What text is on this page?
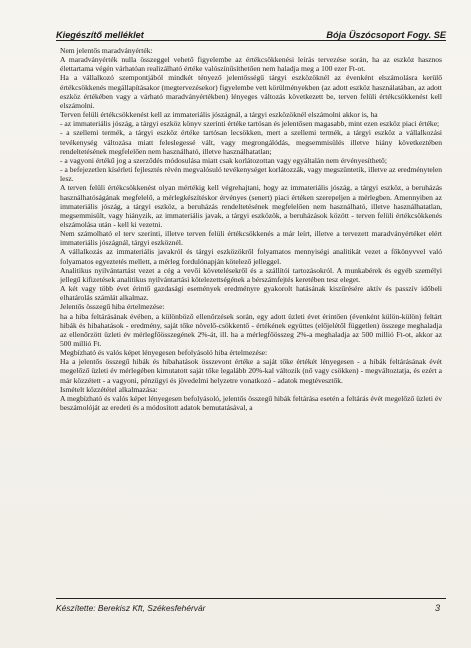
Kiegészítő melléklet	Bója Üszócsoport Fogy. SE

Nem jelentős maradványérték:

A maradványérték nulla összeggel vehető figyelembe az értékcsökkenési leírás tervezése során, ha az eszköz hasznos élettartama végén várhatóan realizálható értéke valószínűsíthetően nem haladja meg a 100 ezer Ft-ot.

Ha a vállalkozó szempontjából mindkét tényező jelentősségű tárgyi eszközöknél az évenként elszámolásra kerülő értékcsökkenés megállapításakor (megtervezésekor) figyelembe vett körülményekben (az adott eszköz használatában, az adott eszköz értékében vagy a várható maradványértékben) lényeges változás következett be, terven felüli értékcsökkenést kell elszámolni.

Terven felüli értékcsökkenést kell az immateriális jószágnál, a tárgyi eszközöknél elszámolni akkor is, ha

- az immateriális jószág, a tárgyi eszköz könyv szerinti értéke tartósan és jelentősen magasabb, mint ezen eszköz piaci értéke;

- a szellemi termék, a tárgyi eszköz értéke tartósan lecsökken, mert a szellemi termék, a tárgyi eszköz a vállalkozási tevékenység változása miatt feleslegessé vált, vagy megrongálódás, megsemmisülés illetve hiány következtében rendeltetésének megfelelően nem használható, illetve használhatatlan;

- a vagyoni értékű jog a szerződés módosulása miatt csak korlátozottan vagy egyáltalán nem érvényesíthető;

- a befejezetlen kísérleti fejlesztés révén megvalósuló tevékenységet korlátozzák, vagy megszüntetik, illetve az eredménytelen lesz.

A terven felüli értékcsökkenést olyan mértékig kell végrehajtani, hogy az immateriális jószág, a tárgyi eszköz, a beruházás használhatóságának megfelelő, a mérlegkészítéskor érvényes (senert) piaci értéken szerepeljen a mérlegben. Amennyiben az immateriális jószág, a tárgyi eszköz, a beruházás rendeltetésének megfelelően nem használható, illetve használhatatlan, megsemmisült, vagy hiányzik, az immateriális javak, a tárgyi eszközök, a beruházások között - terven felüli értékcsökkenés elszámolása után - kell ki vezetni.

Nem számolható el terv szerinti, illetve terven felüli értékcsökkenés a már leírt, illetve a tervezett maradványértéket elért immateriális jószágnál, tárgyi eszköznél.

A vállalkozás az immateriális javakról és tárgyi eszközökről folyamatos mennyiségi analitikát vezet a főkönyvvel való folyamatos egyeztetés mellett, a mérleg fordulónapján kötelező jelleggel.

Analitikus nyilvántartást vezet a cég a vevői követelésekről és a szállítói tartozásokról. A munkabérek és egyéb személyi jellegű kifizetések analitikus nyilvántartási kötelezettségének a bérszámfejtés keretében tesz eleget.

A két vagy több évet érintő gazdasági események eredményre gyakorolt hatásának kiszűrésére aktív és passzív időbeli elhatárolás számlát alkalmaz.

Jelentős összegű hiba értelmezése:

ha a hiba feltárásának évében, a különböző ellenőrzések során, egy adott üzleti évet érintően (évenként külön-külön) feltárt hibák és hibahatások - eredmény, saját tőke növelő-csökkentő - értékének együttes (előjelétől független) összege meghaladja az ellenőrzött üzleti év mérlegfőösszegének 2%-át, ill. ha a mérlegfőösszeg 2%-a meghaladja az 500 millió Ft-ot, akkor az 500 millió Ft.

Megbízható és valós képet lényegesen befolyásoló hiba értelmezése:

Ha a jelentős összegű hibák és hibahatások összevont értéke a saját tőke értékét lényegesen - a hibák feltárásának évét megelőző üzleti év mérlegében kimutatott saját tőke legalább 20%-kal változik (nő vagy csökken) - megváltoztatja, és ezért a már közzétett - a vagyoni, pénzügyi és jövedelmi helyzetre vonatkozó - adatok megtévesztők.

Ismételt közzététel alkalmazása:

A megbízható és valós képet lényegesen befolyásoló, jelentős összegű hibák feltárása esetén a feltárás évét megelőző üzleti év beszámolóját az eredeti és a módosított adatok bemutatásával, a

Készítette: Berekisz Kft, Székesfehérvár	3
